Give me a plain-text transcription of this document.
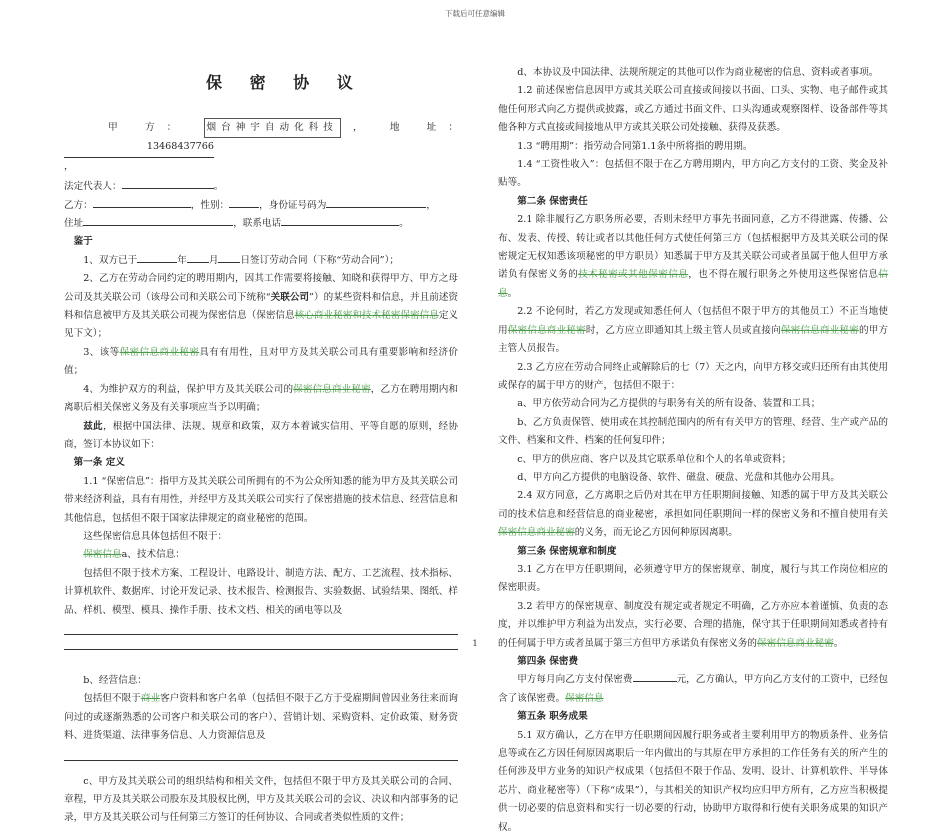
下载后可任意编辑
保 密 协 议

甲 方： 烟台神宇自动化科技 ， 地 址： 13468437766

，

法定代表人：	。

乙方：	，性别：	，身份证号码为	，

住址	，联系电话	。

鉴于

1、双方已于	年 月 日签订劳动合同（下称“劳动合同”）；

2、乙方在劳动合同约定的聘用期内，因其工作需要将接触、知晓和获得甲方、甲方之母公司及其关联公司（该母公司和关联公司下统称“关联公司”）的某些资料和信息，并且前述资料和信息被甲方及其关联公司视为保密信息（保密信息核心商业秘密和技术秘密保密信息定义见下文）；

3、该等保密信息商业秘密具有有用性，且对甲方及其关联公司具有重要影响和经济价值；

4、为维护双方的利益，保护甲方及其关联公司的保密信息商业秘密，乙方在聘用期内和离职后相关保密义务及有关事项应当予以明确；

兹此，根据中国法律、法规、规章和政策，双方本着诚实信用、平等自愿的原则，经协商，签订本协议如下：

第一条 定义

1.1 “保密信息”：指甲方及其关联公司所拥有的不为公众所知悉的能为甲方及其关联公司带来经济利益，具有有用性，并经甲方及其关联公司实行了保密措施的技术信息、经营信息和其他信息，包括但不限于国家法律规定的商业秘密的范围。

这些保密信息具体包括但不限于：

保密信息a、技术信息：

包括但不限于技术方案、工程设计、电路设计、制造方法、配方、工艺流程、技术指标、计算机软件、数据库、讨论开发记录、技术报告、检测报告、实验数据、试验结果、图纸、样品、样机、模型、模具、操作手册、技术文档、相关的函电等以及

b、经营信息：

包括但不限于商业客户资料和客户名单（包括但不限于乙方于受雇期间曾因业务往来而询问过的或逐渐熟悉的公司客户和关联公司的客户）、营销计划、采购资料、定价政策、财务资料、进货渠道、法律事务信息、人力资源信息及

c、甲方及其关联公司的组织结构和相关文件，包括但不限于甲方及其关联公司的合同、章程，甲方及其关联公司股东及其股权比例，甲方及其关联公司的会议、决议和内部事务的记录，甲方及其关联公司与任何第三方签订的任何协议、合同或者类似性质的文件；

d、本协议及中国法律、法规所规定的其他可以作为商业秘密的信息、资料或者事项。

1.2 前述保密信息因甲方或其关联公司直接或间接以书面、口头、实物、电子邮件或其他任何形式向乙方提供或披露，或乙方通过书面文件、口头沟通或观察图样、设备部件等其他各种方式直接或间接地从甲方或其关联公司处接触、获得及获悉。

1.3 “聘用期”：指劳动合同第1.1条中所将指的聘用期。

1.4 “工资性收入”：包括但不限于在乙方聘用期内，甲方向乙方支付的工资、奖金及补贴等。

第二条 保密责任

2.1 除非履行乙方职务所必要，否则未经甲方事先书面同意，乙方不得泄露、传播、公布、发表、传授、转让或者以其他任何方式使任何第三方（包括根据甲方及其关联公司的保密规定无权知悉该项秘密的甲方职员）知悉属于甲方及其关联公司或者虽属于他人但甲方承诺负有保密义务的技术秘密或其他保密信息，也不得在履行职务之外使用这些保密信息信息。

2.2 不论何时，若乙方发现或知悉任何人（包括但不限于甲方的其他员工）不正当地使用保密信息商业秘密时，乙方应立即通知其上级主管人员或直接向保密信息商业秘密的甲方主管人员报告。

2.3 乙方应在劳动合同终止或解除后的七（7）天之内，向甲方移交或归还所有由其使用或保存的属于甲方的财产，包括但不限于：

a、甲方依劳动合同为乙方提供的与职务有关的所有设备、装置和工具；

b、乙方负责保管、使用或在其控制范围内的所有有关甲方的管理、经营、生产或产品的文件、档案和文件、档案的任何复印件；

c、甲方的供应商、客户以及其它联系单位和个人的名单或资料；

d、甲方向乙方提供的电脑设备、软件、磁盘、硬盘、光盘和其他办公用具。

2.4 双方同意，乙方离职之后仍对其在甲方任职期间接触、知悉的属于甲方及其关联公司的技术信息和经营信息的商业秘密，承担如同任职期间一样的保密义务和不擅自使用有关保密信息商业秘密的义务，而无论乙方因何种原因离职。

第三条 保密规章和制度

3.1 乙方在甲方任职期间，必须遵守甲方的保密规章、制度，履行与其工作岗位相应的保密职责。

3.2 若甲方的保密规章、制度没有规定或者规定不明确，乙方亦应本着谨慎、负责的态度，并以维护甲方利益为出发点，实行必要、合理的措施，保守其于任职期间知悉或者持有的任何属于甲方或者虽属于第三方但甲方承诺负有保密义务的保密信息商业秘密。

第四条 保密费

甲方每月向乙方支付保密费	元，乙方确认，甲方向乙方支付的工资中，已经包含了该保密费。保密信息

第五条 职务成果

5.1 双方确认，乙方在甲方任职期间因履行职务或者主要利用甲方的物质条件、业务信息等或在乙方因任何原因离职后一年内做出的与其原在甲方承担的工作任务有关的所产生的任何涉及甲方业务的知识产权成果（包括但不限于作品、发明、设计、计算机软件、半导体芯片、商业秘密等）（下称“成果”），与其相关的知识产权均应归甲方所有，乙方应当积极提供一切必要的信息资料和实行一切必要的行动，协助甲方取得和行使有关职务成果的知识产权。

1
